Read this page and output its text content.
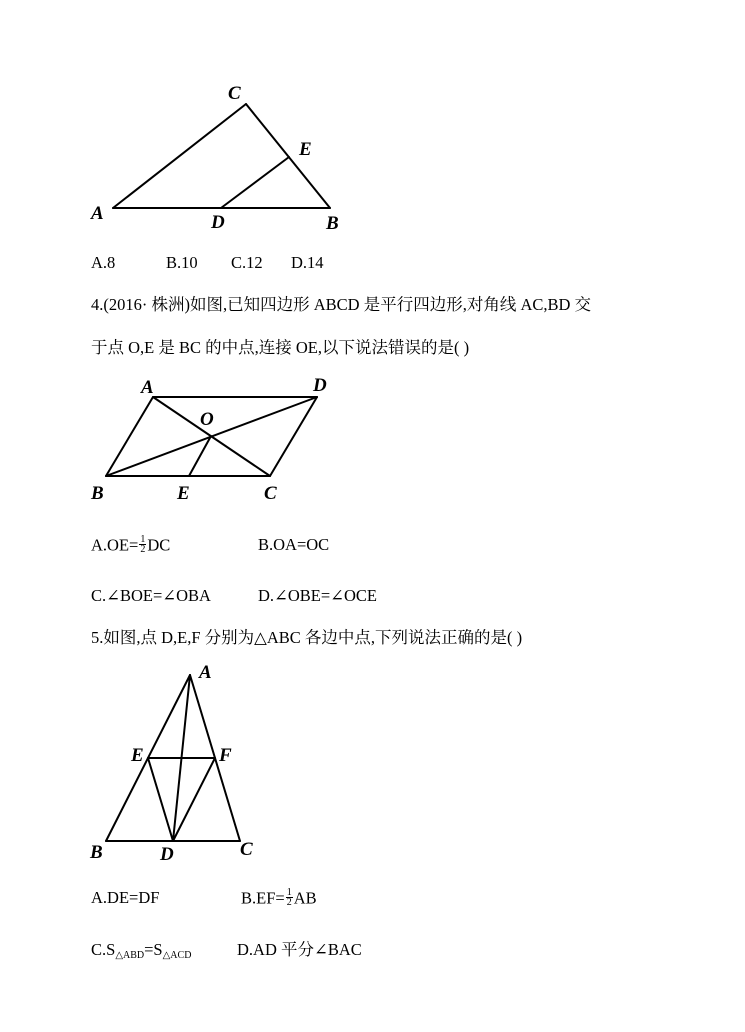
C
E
A	D	B
A	D
O
B	E	C
A
E	F
B	D	C
A.8	B.10 C.12 D.14
4.(2016· 株洲)如图,已知四边形 ABCD 是平行四边形,对角线 AC,BD 交
于点 O,E 是 BC 的中点,连接 OE,以下说法错误的是( )
$A.OE= \frac{1}{2}$ DC	B.OA=OC
C.∠BOE=∠OBA	D.∠OBE=∠OCE
5.如图,点 D,E,F 分别为△ABC 各边中点,下列说法正确的是( )
A.DE=DF	$B.EF= \frac{1}{2}$ AB
C.S△ABD=S△ACD	D.AD 平分∠BAC
